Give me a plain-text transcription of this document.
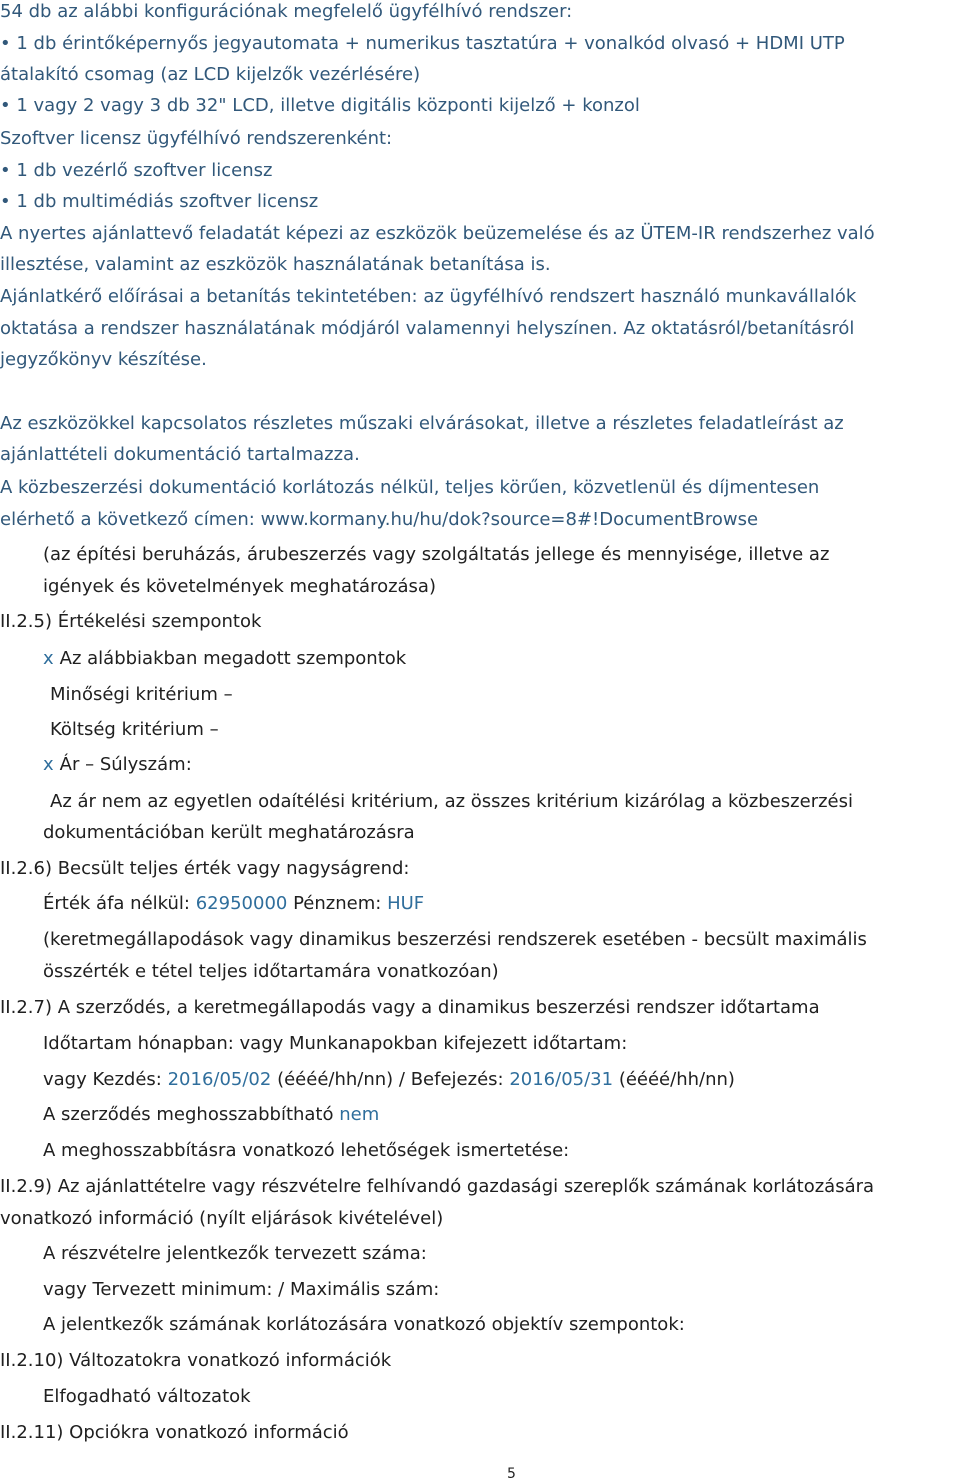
54 db az alábbi konfigurációnak megfelelő ügyfélhívó rendszer:
• 1 db érintőképernyős jegyautomata + numerikus tasztatúra + vonalkód olvasó + HDMI UTP
átalakító csomag (az LCD kijelzők vezérlésére)
• 1 vagy 2 vagy 3 db 32" LCD, illetve digitális központi kijelző + konzol
Szoftver licensz ügyfélhívó rendszerenként:
• 1 db vezérlő szoftver licensz
• 1 db multimédiás szoftver licensz
A nyertes ajánlattevő feladatát képezi az eszközök beüzemelése és az ÜTEM-IR rendszerhez való
illesztése, valamint az eszközök használatának betanítása is.
Ajánlatkérő előírásai a betanítás tekintetében: az ügyfélhívó rendszert használó munkavállalók
oktatása a rendszer használatának módjáról valamennyi helyszínen. Az oktatásról/betanításról
jegyzőkönyv készítése.
Az eszközökkel kapcsolatos részletes műszaki elvárásokat, illetve a részletes feladatleírást az
ajánlattételi dokumentáció tartalmazza.
A közbeszerzési dokumentáció korlátozás nélkül, teljes körűen, közvetlenül és díjmentesen
elérhető a következő címen: www.kormany.hu/hu/dok?source=8#!DocumentBrowse
(az építési beruházás, árubeszerzés vagy szolgáltatás jellege és mennyisége, illetve az
igények és követelmények meghatározása)
II.2.5) Értékelési szempontok
x Az alábbiakban megadott szempontok
Minőségi kritérium –
Költség kritérium –
x Ár – Súlyszám:
Az ár nem az egyetlen odaítélési kritérium, az összes kritérium kizárólag a közbeszerzési
dokumentációban került meghatározásra
II.2.6) Becsült teljes érték vagy nagyságrend:
Érték áfa nélkül: 62950000 Pénznem: HUF
(keretmegállapodások vagy dinamikus beszerzési rendszerek esetében - becsült maximális
összérték e tétel teljes időtartamára vonatkozóan)
II.2.7) A szerződés, a keretmegállapodás vagy a dinamikus beszerzési rendszer időtartama
Időtartam hónapban: vagy Munkanapokban kifejezett időtartam:
vagy Kezdés: 2016/05/02 (éééé/hh/nn) / Befejezés: 2016/05/31 (éééé/hh/nn)
A szerződés meghosszabbítható nem
A meghosszabbításra vonatkozó lehetőségek ismertetése:
II.2.9) Az ajánlattételre vagy részvételre felhívandó gazdasági szereplők számának korlátozására
vonatkozó információ (nyílt eljárások kivételével)
A részvételre jelentkezők tervezett száma:
vagy Tervezett minimum: / Maximális szám:
A jelentkezők számának korlátozására vonatkozó objektív szempontok:
II.2.10) Változatokra vonatkozó információk
Elfogadható változatok
II.2.11) Opciókra vonatkozó információ
5
